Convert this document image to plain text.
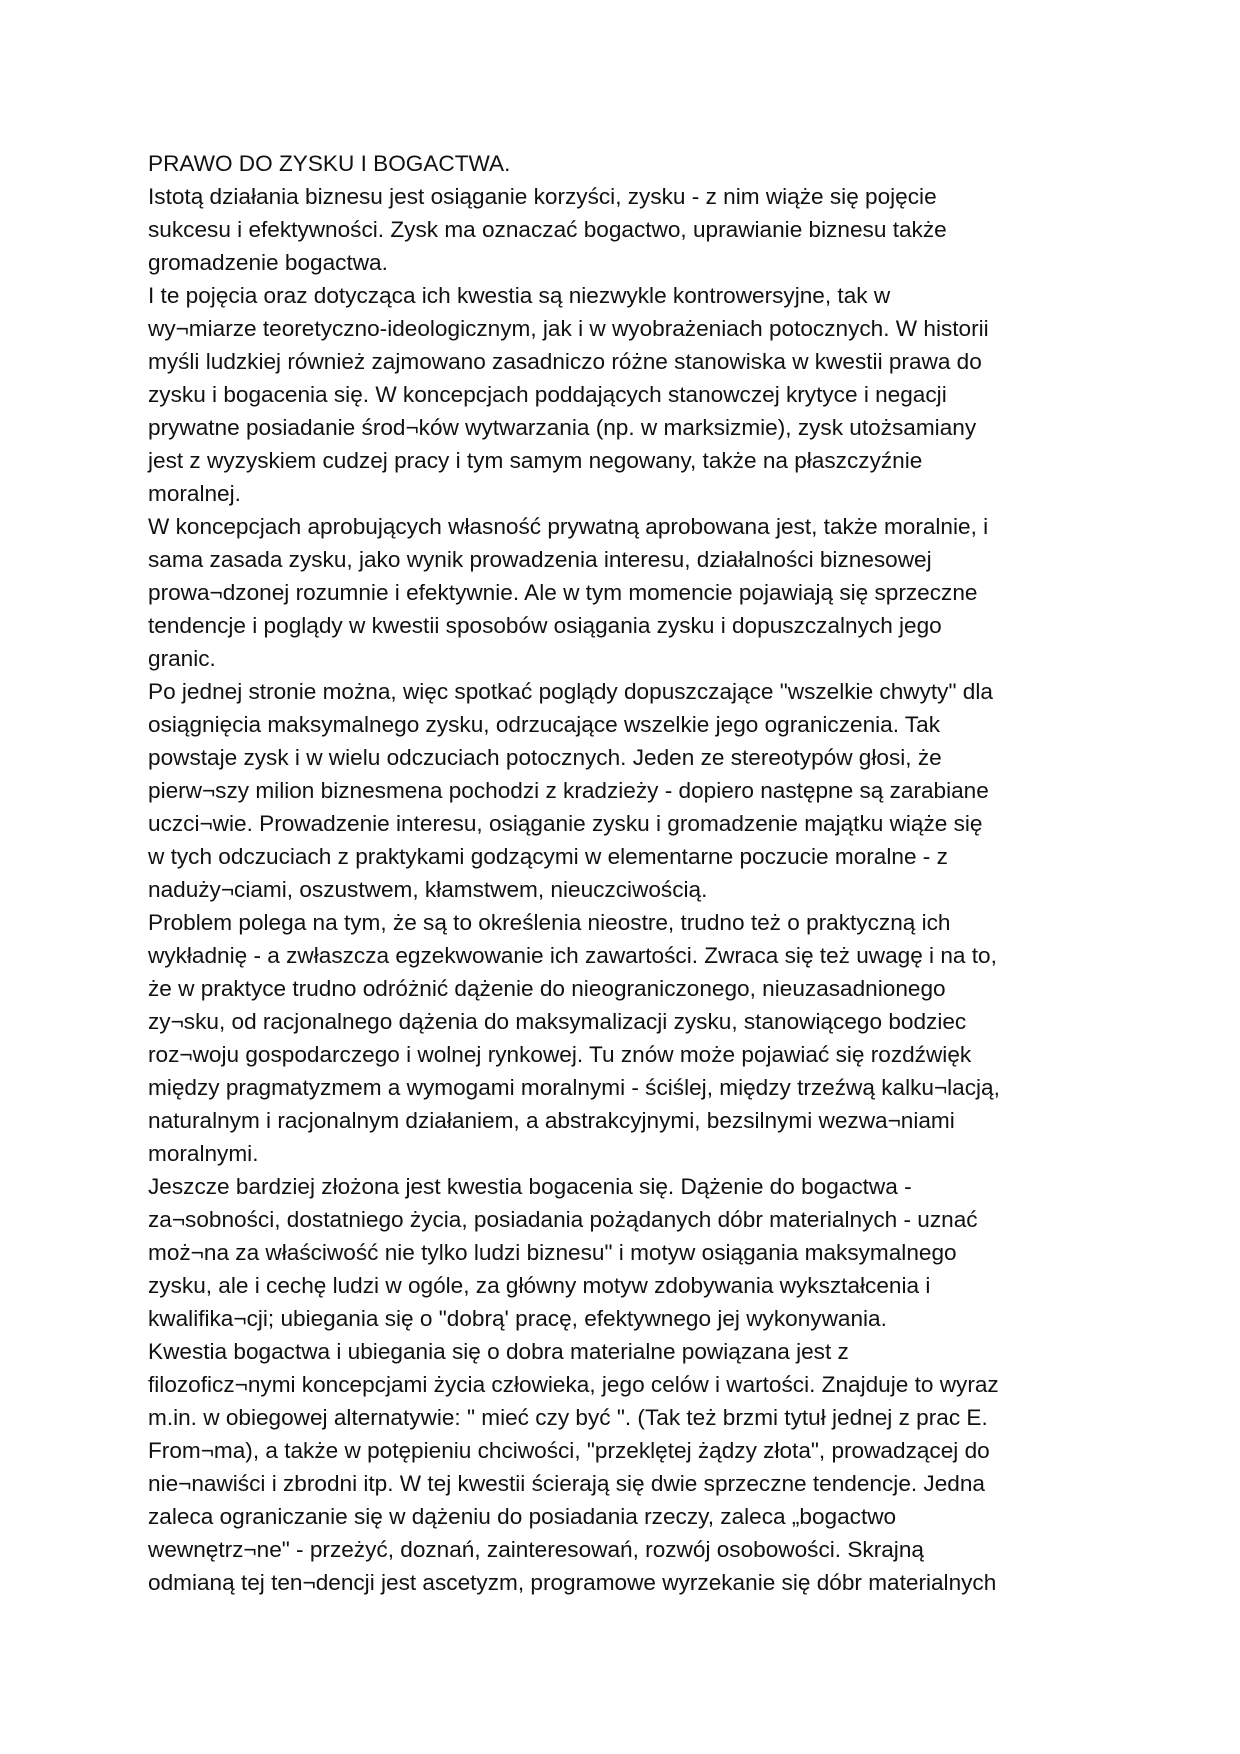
PRAWO DO ZYSKU I BOGACTWA.
Istotą działania biznesu jest osiąganie korzyści, zysku - z nim wiąże się pojęcie
sukcesu i efektywności. Zysk ma oznaczać bogactwo, uprawianie biznesu także
gromadzenie bogactwa.
I te pojęcia oraz dotycząca ich kwestia są niezwykle kontrowersyjne, tak w
wy¬miarze teoretyczno-ideologicznym, jak i w wyobrażeniach potocznych. W historii
myśli ludzkiej również zajmowano zasadniczo różne stanowiska w kwestii prawa do
zysku i bogacenia się. W koncepcjach poddających stanowczej krytyce i negacji
prywatne posiadanie środ¬ków wytwarzania (np. w marksizmie), zysk utożsamiany
jest z wyzyskiem cudzej pracy i tym samym negowany, także na płaszczyźnie
moralnej.
W koncepcjach aprobujących własność prywatną aprobowana jest, także moralnie, i
sama zasada zysku, jako wynik prowadzenia interesu, działalności biznesowej
prowa¬dzonej rozumnie i efektywnie. Ale w tym momencie pojawiają się sprzeczne
tendencje i poglądy w kwestii sposobów osiągania zysku i dopuszczalnych jego
granic.
Po jednej stronie można, więc spotkać poglądy dopuszczające "wszelkie chwyty" dla
osiągnięcia maksymalnego zysku, odrzucające wszelkie jego ograniczenia. Tak
powstaje zysk i w wielu odczuciach potocznych. Jeden ze stereotypów głosi, że
pierw¬szy milion biznesmena pochodzi z kradzieży - dopiero następne są zarabiane
uczci¬wie. Prowadzenie interesu, osiąganie zysku i gromadzenie majątku wiąże się
w tych odczuciach z praktykami godzącymi w elementarne poczucie moralne - z
naduży¬ciami, oszustwem, kłamstwem, nieuczciwością.
Problem polega na tym, że są to określenia nieostre, trudno też o praktyczną ich
wykładnię - a zwłaszcza egzekwowanie ich zawartości. Zwraca się też uwagę i na to,
że w praktyce trudno odróżnić dążenie do nieograniczonego, nieuzasadnionego
zy¬sku, od racjonalnego dążenia do maksymalizacji zysku, stanowiącego bodziec
roz¬woju gospodarczego i wolnej rynkowej. Tu znów może pojawiać się rozdźwięk
między pragmatyzmem a wymogami moralnymi - ściślej, między trzeźwą kalku¬lacją,
naturalnym i racjonalnym działaniem, a abstrakcyjnymi, bezsilnymi wezwa¬niami
moralnymi.
Jeszcze bardziej złożona jest kwestia bogacenia się. Dążenie do bogactwa -
za¬sobności, dostatniego życia, posiadania pożądanych dóbr materialnych - uznać
moż¬na za właściwość nie tylko ludzi biznesu" i motyw osiągania maksymalnego
zysku, ale i cechę ludzi w ogóle, za główny motyw zdobywania wykształcenia i
kwalifika¬cji; ubiegania się o "dobrą' pracę, efektywnego jej wykonywania.
Kwestia bogactwa i ubiegania się o dobra materialne powiązana jest z
filozoficz¬nymi koncepcjami życia człowieka, jego celów i wartości. Znajduje to wyraz
m.in. w obiegowej alternatywie: " mieć czy być ". (Tak też brzmi tytuł jednej z prac E.
From¬ma), a także w potępieniu chciwości, "przeklętej żądzy złota", prowadzącej do
nie¬nawiści i zbrodni itp. W tej kwestii ścierają się dwie sprzeczne tendencje. Jedna
zaleca ograniczanie się w dążeniu do posiadania rzeczy, zaleca „bogactwo
wewnętrz¬ne" - przeżyć, doznań, zainteresowań, rozwój osobowości. Skrajną
odmianą tej ten¬dencji jest ascetyzm, programowe wyrzekanie się dóbr materialnych
